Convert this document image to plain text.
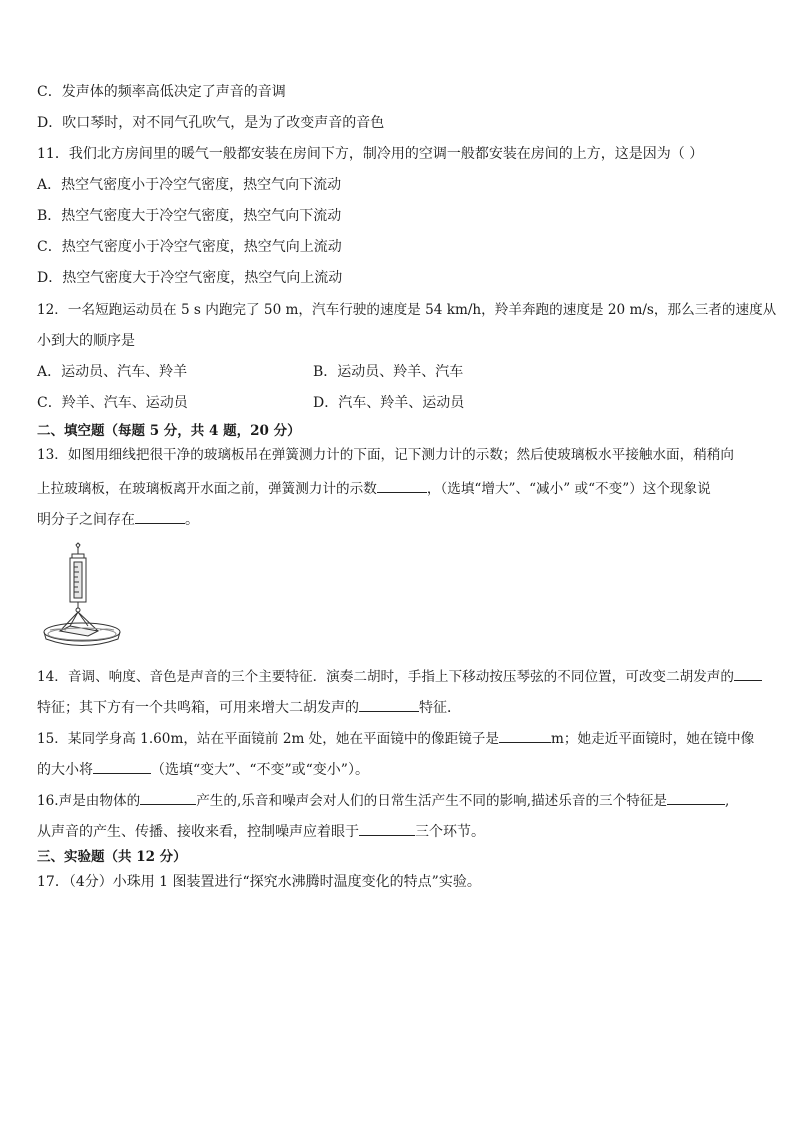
C．发声体的频率高低决定了声音的音调
D．吹口琴时，对不同气孔吹气，是为了改变声音的音色
11．我们北方房间里的暖气一般都安装在房间下方，制冷用的空调一般都安装在房间的上方，这是因为（ ）
A．热空气密度小于冷空气密度，热空气向下流动
B．热空气密度大于冷空气密度，热空气向下流动
C．热空气密度小于冷空气密度，热空气向上流动
D．热空气密度大于冷空气密度，热空气向上流动
12．一名短跑运动员在 5 s 内跑完了 50 m，汽车行驶的速度是 54 km/h，羚羊奔跑的速度是 20 m/s，那么三者的速度从
小到大的顺序是
A．运动员、汽车、羚羊	B．运动员、羚羊、汽车
C．羚羊、汽车、运动员	D．汽车、羚羊、运动员
二、填空题（每题 5 分，共 4 题，20 分）
13．如图用细线把很干净的玻璃板吊在弹簧测力计的下面，记下测力计的示数；然后使玻璃板水平接触水面，稍稍向
上拉玻璃板，在玻璃板离开水面之前，弹簧测力计的示数	，（选填“增大”、“减小” 或“不变”）这个现象说
明分子之间存在	。
14．音调、响度、音色是声音的三个主要特征．演奏二胡时，手指上下移动按压琴弦的不同位置，可改变二胡发声的
特征；其下方有一个共鸣箱，可用来增大二胡发声的	特征．
15．某同学身高 1.60m，站在平面镜前 2m 处，她在平面镜中的像距镜子是	m；她走近平面镜时，她在镜中像
的大小将	（选填“变大”、“不变”或“变小”）。
16.声是由物体的	产生的,乐音和噪声会对人们的日常生活产生不同的影响,描述乐音的三个特征是	,
从声音的产生、传播、接收来看，控制噪声应着眼于	三个环节。
三、实验题（共 12 分）
17．（4分）小珠用 1 图装置进行“探究水沸腾时温度变化的特点”实验。
